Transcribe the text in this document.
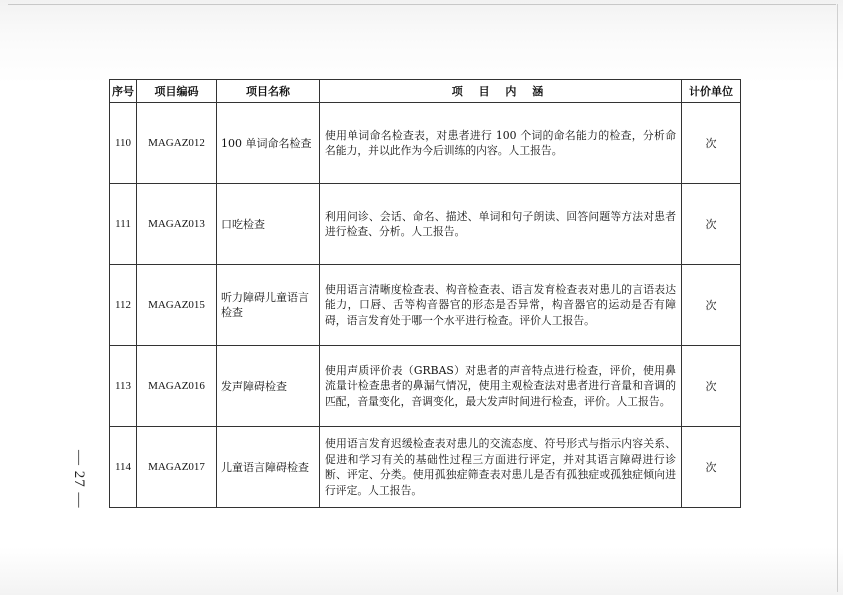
— 27 —
序号	项目编码	项目名称	项 目 内 涵	计价单位
110	MAGAZ012	100 单词命名检查	使用单词命名检查表，对患者进行 100 个词的命名能力的检查，分析命名能力，并以此作为今后训练的内容。人工报告。	次
111	MAGAZ013	口吃检查	利用问诊、会话、命名、描述、单词和句子朗读、回答问题等方法对患者进行检查、分析。人工报告。	次
112	MAGAZ015	听力障碍儿童语言检查	使用语言清晰度检查表、构音检查表、语言发育检查表对患儿的言语表达能力，口唇、舌等构音器官的形态是否异常，构音器官的运动是否有障碍，语言发育处于哪一个水平进行检查。评价人工报告。	次
113	MAGAZ016	发声障碍检查	使用声质评价表（GRBAS）对患者的声音特点进行检查，评价，使用鼻流量计检查患者的鼻漏气情况，使用主观检查法对患者进行音量和音调的匹配，音量变化，音调变化，最大发声时间进行检查，评价。人工报告。	次
114	MAGAZ017	儿童语言障碍检查	使用语言发育迟缓检查表对患儿的交流态度、符号形式与指示内容关系、促进和学习有关的基础性过程三方面进行评定，并对其语言障碍进行诊断、评定、分类。使用孤独症筛查表对患儿是否有孤独症或孤独症倾向进行评定。人工报告。	次
